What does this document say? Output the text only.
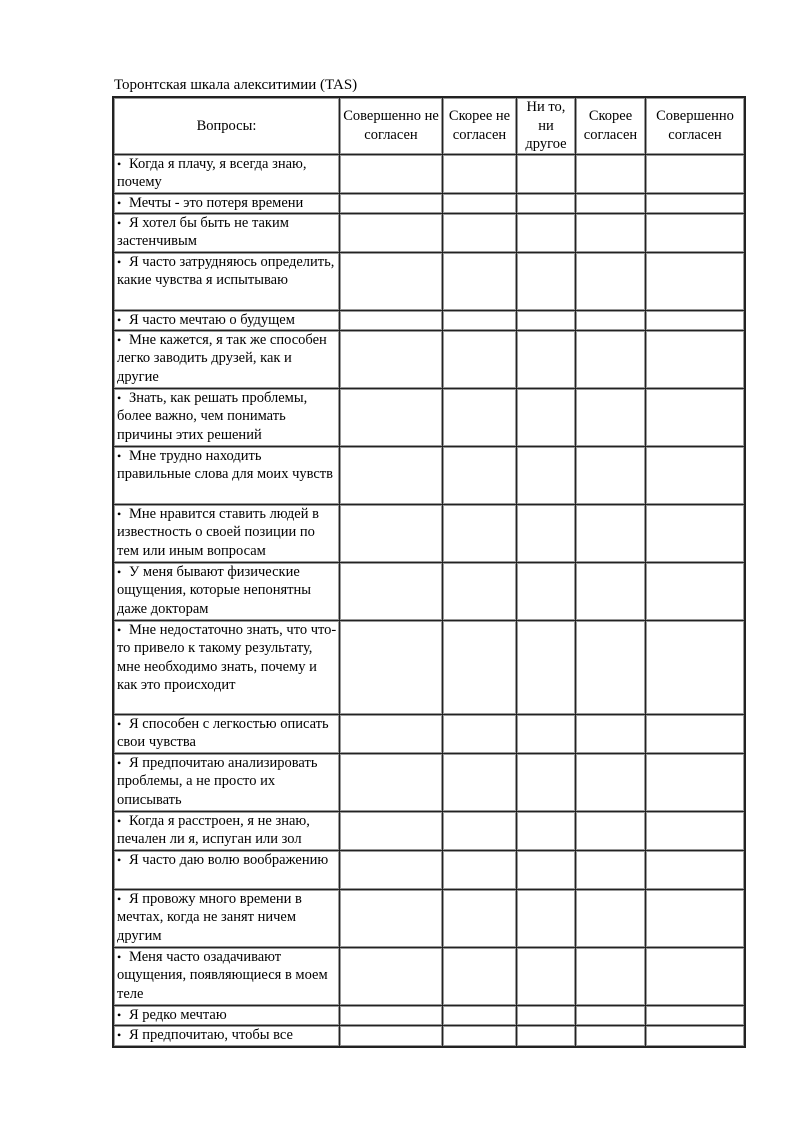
Торонтская шкала алекситимии (TAS)
Вопросы:	Совершенно не согласен	Скорее не согласен	Ни то, ни другое	Скорее согласен	Совершенно согласен
• Когда я плачу, я всегда знаю, почему					
• Мечты - это потеря времени					
• Я хотел бы быть не таким застенчивым					
• Я часто затрудняюсь определить, какие чувства я испытываю					
• Я часто мечтаю о будущем					
• Мне кажется, я так же способен легко заводить друзей, как и другие					
• Знать, как решать проблемы, более важно, чем понимать причины этих решений					
• Мне трудно находить правильные слова для моих чувств					
• Мне нравится ставить людей в известность о своей позиции по тем или иным вопросам					
• У меня бывают физические ощущения, которые непонятны даже докторам					
• Мне недостаточно знать, что что-то привело к такому результату, мне необходимо знать, почему и как это происходит					
• Я способен с легкостью описать свои чувства					
• Я предпочитаю анализировать проблемы, а не просто их описывать					
• Когда я расстроен, я не знаю, печален ли я, испуган или зол					
• Я часто даю волю воображению					
• Я провожу много времени в мечтах, когда не занят ничем другим					
• Меня часто озадачивают ощущения, появляющиеся в моем теле					
• Я редко мечтаю					
• Я предпочитаю, чтобы все					
